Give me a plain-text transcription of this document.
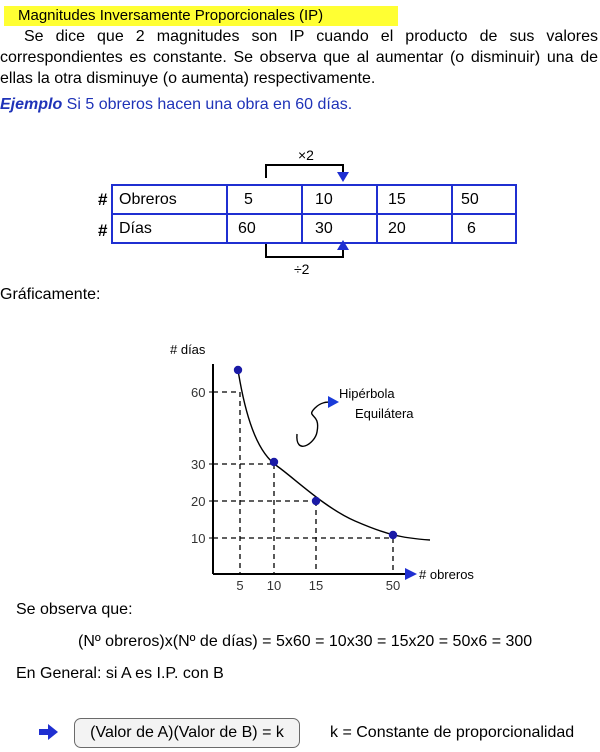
Magnitudes Inversamente Proporcionales (IP)
Se dice que 2 magnitudes son IP cuando el producto de sus valores correspondientes es constante. Se observa que al aumentar (o disminuir) una de ellas la otra disminuye (o aumenta) respectivamente.
Ejemplo Si 5 obreros hacen una obra en 60 días.
×2
÷2
#
#
Obreros	5	10	15	50
Días	60	30	20	6
Gráficamente:
# días
# obreros
60
30
20
10
5 10 15	50
Hipérbola
Equilátera
Se observa que:
(Nº obreros)x(Nº de días) = 5x60 = 10x30 = 15x20 = 50x6 = 300
En General: si A es I.P. con B
(Valor de A)(Valor de B) = k	k = Constante de proporcionalidad
